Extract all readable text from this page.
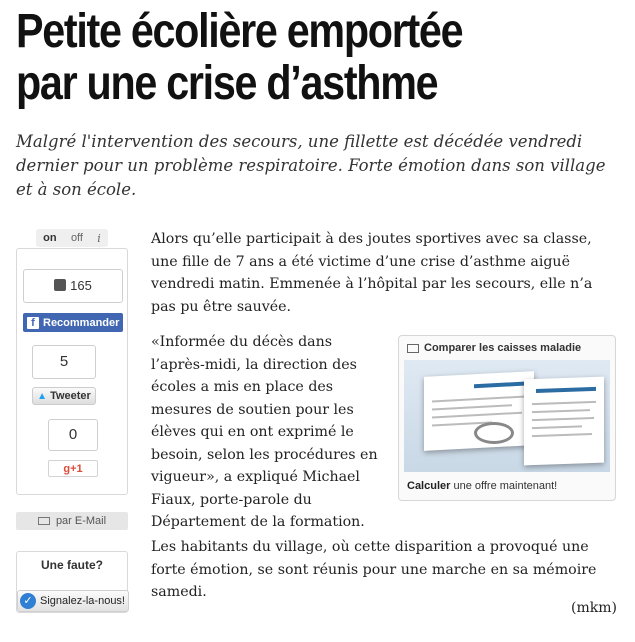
Petite écolière emportée
par une crise d’asthme

Malgré l'intervention des secours, une fillette est décédée vendredi dernier pour un problème respiratoire. Forte émotion dans son village et à son école.

on off i
165
f Recommander
5
▲ Tweeter
0
g+1
par E-Mail
Une faute?
✓ Signalez-la-nous!

Alors qu’elle participait à des joutes sportives avec sa classe, une fille de 7 ans a été victime d’une crise d’asthme aiguë vendredi matin. Emmenée à l’hôpital par les secours, elle n’a pas pu être sauvée.

«Informée du décès dans l’après-midi, la direction des écoles a mis en place des mesures de soutien pour les élèves qui en ont exprimé le besoin, selon les procédures en vigueur», a expliqué Michael Fiaux, porte-parole du Département de la formation.

Les habitants du village, où cette disparition a provoqué une forte émotion, se sont réunis pour une marche en sa mémoire samedi.

(mkm)
Comparer les caisses maladie
Calculer une offre maintenant!
